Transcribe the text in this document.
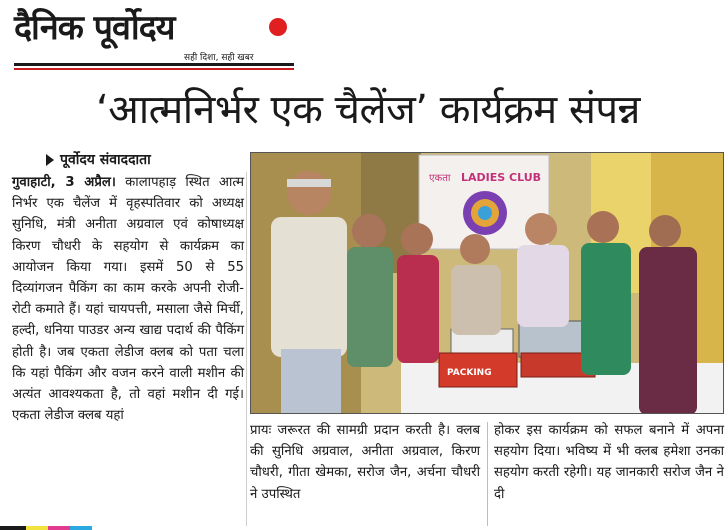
दैनिक पूर्वोदय
सही दिशा, सही खबर
‘आत्मनिर्भर एक चैलेंज’ कार्यक्रम संपन्न
पूर्वोदय संवाददाता

गुवाहाटी, 3 अप्रैल। कालापहाड़ स्थित आत्म निर्भर एक चैलेंज में वृहस्पतिवार को अध्यक्ष सुनिधि, मंत्री अनीता अग्रवाल एवं कोषाध्यक्ष किरण चौधरी के सहयोग से कार्यक्रम का आयोजन किया गया। इसमें 50 से 55 दिव्यांगजन पैकिंग का काम करके अपनी रोजी-रोटी कमाते हैं। यहां चायपत्ती, मसाला जैसे मिर्ची, हल्दी, धनिया पाउडर अन्य खाद्य पदार्थ की पैकिंग होती है। जब एकता लेडीज क्लब को पता चला कि यहां पैकिंग और वजन करने वाली मशीन की अत्यंत आवश्यकता है, तो वहां मशीन दी गई। एकता लेडीज क्लब यहां

एकता LADIES CLUB
PACKING

प्रायः जरूरत की सामग्री प्रदान करती है। क्लब की सुनिधि अग्रवाल, अनीता अग्रवाल, किरण चौधरी, गीता खेमका, सरोज जैन, अर्चना चौधरी ने उपस्थित

होकर इस कार्यक्रम को सफल बनाने में अपना सहयोग दिया। भविष्य में भी क्लब हमेशा उनका सहयोग करती रहेगी। यह जानकारी सरोज जैन ने दी
